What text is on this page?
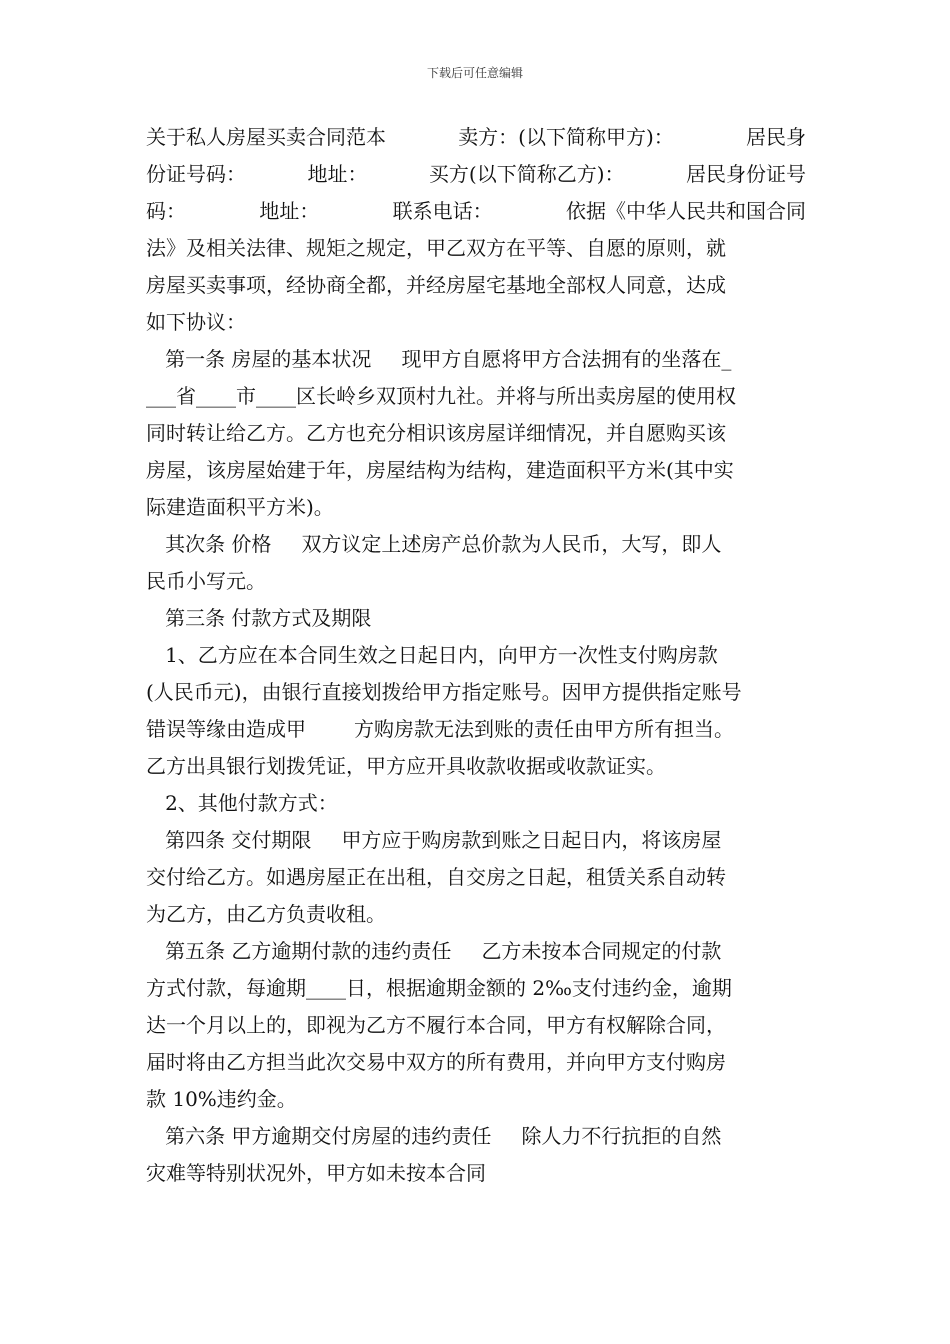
下载后可任意编辑
关于私人房屋买卖合同范本	卖方：(以下简称甲方)：	居民身
份证号码：	地址：	买方(以下简称乙方)：	居民身份证号
码：	地址：	联系电话：	依据《中华人民共和国合同
法》及相关法律、规矩之规定，甲乙双方在平等、自愿的原则，就
房屋买卖事项，经协商全都，并经房屋宅基地全部权人同意，达成
如下协议：
第一条 房屋的基本状况 现甲方自愿将甲方合法拥有的坐落在_
___省____市____区长岭乡双顶村九社。并将与所出卖房屋的使用权
同时转让给乙方。乙方也充分相识该房屋详细情况，并自愿购买该
房屋，该房屋始建于年，房屋结构为结构，建造面积平方米(其中实
际建造面积平方米)。
其次条 价格 双方议定上述房产总价款为人民币，大写，即人
民币小写元。
第三条 付款方式及期限
1、乙方应在本合同生效之日起日内，向甲方一次性支付购房款
(人民币元)，由银行直接划拨给甲方指定账号。因甲方提供指定账号
错误等缘由造成甲 方购房款无法到账的责任由甲方所有担当。
乙方出具银行划拨凭证，甲方应开具收款收据或收款证实。
2、其他付款方式：
第四条 交付期限 甲方应于购房款到账之日起日内，将该房屋
交付给乙方。如遇房屋正在出租，自交房之日起，租赁关系自动转
为乙方，由乙方负责收租。
第五条 乙方逾期付款的违约责任 乙方未按本合同规定的付款
方式付款，每逾期____日，根据逾期金额的 2‰支付违约金，逾期
达一个月以上的，即视为乙方不履行本合同，甲方有权解除合同，
届时将由乙方担当此次交易中双方的所有费用，并向甲方支付购房
款 10%违约金。
第六条 甲方逾期交付房屋的违约责任 除人力不行抗拒的自然
灾难等特别状况外，甲方如未按本合同
